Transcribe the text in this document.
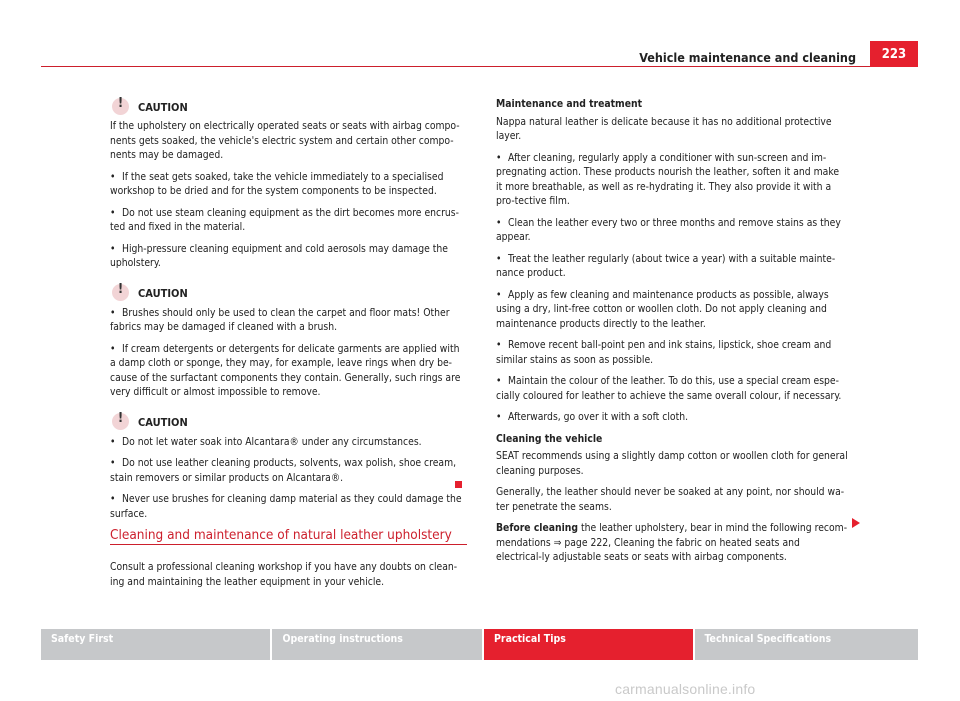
Vehicle maintenance and cleaning	223
!
CAUTION

If the upholstery on electrically operated seats or seats with airbag compo-nents gets soaked, the vehicle's electric system and certain other compo-nents may be damaged.

• If the seat gets soaked, take the vehicle immediately to a specialised workshop to be dried and for the system components to be inspected.

• Do not use steam cleaning equipment as the dirt becomes more encrus-ted and fixed in the material.

• High-pressure cleaning equipment and cold aerosols may damage the upholstery.

!
CAUTION

• Brushes should only be used to clean the carpet and floor mats! Other fabrics may be damaged if cleaned with a brush.

• If cream detergents or detergents for delicate garments are applied with a damp cloth or sponge, they may, for example, leave rings when dry be-cause of the surfactant components they contain. Generally, such rings are very difficult or almost impossible to remove.

!
CAUTION

• Do not let water soak into Alcantara® under any circumstances.

• Do not use leather cleaning products, solvents, wax polish, shoe cream, stain removers or similar products on Alcantara®.

• Never use brushes for cleaning damp material as they could damage the surface.

Cleaning and maintenance of natural leather upholstery
Consult a professional cleaning workshop if you have any doubts on clean-ing and maintaining the leather equipment in your vehicle.

Maintenance and treatment

Nappa natural leather is delicate because it has no additional protective layer.

• After cleaning, regularly apply a conditioner with sun-screen and im-pregnating action. These products nourish the leather, soften it and make it more breathable, as well as re-hydrating it. They also provide it with a pro-tective film.

• Clean the leather every two or three months and remove stains as they appear.

• Treat the leather regularly (about twice a year) with a suitable mainte-nance product.

• Apply as few cleaning and maintenance products as possible, always using a dry, lint-free cotton or woollen cloth. Do not apply cleaning and maintenance products directly to the leather.

• Remove recent ball-point pen and ink stains, lipstick, shoe cream and similar stains as soon as possible.

• Maintain the colour of the leather. To do this, use a special cream espe-cially coloured for leather to achieve the same overall colour, if necessary.

• Afterwards, go over it with a soft cloth.

Cleaning the vehicle

SEAT recommends using a slightly damp cotton or woollen cloth for general cleaning purposes.

Generally, the leather should never be soaked at any point, nor should wa-ter penetrate the seams.

Before cleaning the leather upholstery, bear in mind the following recom-mendations ⇒ page 222, Cleaning the fabric on heated seats and electrical-ly adjustable seats or seats with airbag components.

Safety First	Operating instructions	Practical Tips	Technical Specifications
carmanualsonline.info
